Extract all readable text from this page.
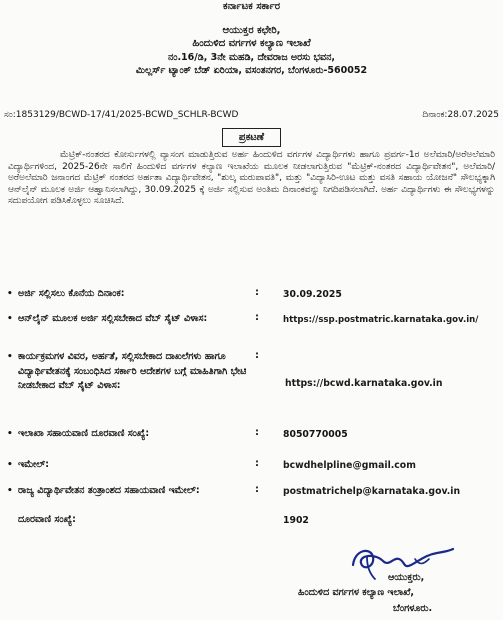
ಕರ್ನಾಟಕ ಸರ್ಕಾರ
ಆಯುಕ್ತರ ಕಛೇರಿ,
ಹಿಂದುಳಿದ ವರ್ಗಗಳ ಕಲ್ಯಾಣ ಇಲಾಖೆ
ನಂ.16/ಡಿ, 3ನೇ ಮಹಡಿ, ದೇವರಾಜ ಅರಸು ಭವನ,
ಮಿಲ್ಲರ್ಸ್ ಟ್ಯಾಂಕ್ ಬೆಡ್ ಏರಿಯಾ, ವಸಂತನಗರ, ಬೆಂಗಳೂರು-560052
ಸಂ:1853129/BCWD-17/41/2025-BCWD_SCHLR-BCWD	ದಿನಾಂಕ:28.07.2025
ಪ್ರಕಟಣೆ
ಮೆಟ್ರಿಕ್-ನಂತರದ ಕೋರ್ಸುಗಳಲ್ಲಿ ವ್ಯಾಸಂಗ ಮಾಡುತ್ತಿರುವ ಅರ್ಹ ಹಿಂದುಳಿದ ವರ್ಗಗಳ ವಿದ್ಯಾರ್ಥಿಗಳು ಹಾಗೂ ಪ್ರವರ್ಗ-1ರ ಅಲೆಮಾರಿ/ಅರೆಅಲೆಮಾರಿ ವಿದ್ಯಾರ್ಥಿಗಳಿಂದ, 2025-26ನೇ ಸಾಲಿಗೆ ಹಿಂದುಳಿದ ವರ್ಗಗಳ ಕಲ್ಯಾಣ ಇಲಾಖೆಯ ಮೂಲಕ ನೀಡಲಾಗುತ್ತಿರುವ "ಮೆಟ್ರಿಕ್-ನಂತರದ ವಿದ್ಯಾರ್ಥಿವೇತನ", ಅಲೆಮಾರಿ/ಅರೆಅಲೆಮಾರಿ ಜನಾಂಗದ ಮೆಟ್ರಿಕ್ ನಂತರದ ಅರ್ಹತಾ ವಿದ್ಯಾರ್ಥಿವೇತನ, "ಶುಲ್ಕ ಮರುಪಾವತಿ", ಮತ್ತು "ವಿದ್ಯಾಸಿರಿ-ಊಟ ಮತ್ತು ವಸತಿ ಸಹಾಯ ಯೋಜನೆ" ಸೌಲಭ್ಯಕ್ಕಾಗಿ ಆನ್‌ಲೈನ್ ಮೂಲಕ ಅರ್ಜಿ ಆಹ್ವಾನಿಸಲಾಗಿದ್ದು, 30.09.2025 ಕ್ಕೆ ಅರ್ಜಿ ಸಲ್ಲಿಸುವ ಅಂತಿಮ ದಿನಾಂಕವನ್ನು ನಿಗದಿಪಡಿಸಲಾಗಿದೆ. ಅರ್ಹ ವಿದ್ಯಾರ್ಥಿಗಳು ಈ ಸೌಲಭ್ಯಗಳನ್ನು ಸದುಪಯೋಗ ಪಡಿಸಿಕೊಳ್ಳಲು ಸೂಚಿಸಿದೆ.
• ಅರ್ಜಿ ಸಲ್ಲಿಸಲು ಕೊನೆಯ ದಿನಾಂಕ:	:	30.09.2025
• ಆನ್‌ಲೈನ್ ಮೂಲಕ ಅರ್ಜಿ ಸಲ್ಲಿಸಬೇಕಾದ ವೆಬ್ ಸೈಟ್ ವಿಳಾಸ:	:	https://ssp.postmatric.karnataka.gov.in/
• ಕಾರ್ಯಕ್ರಮಗಳ ವಿವರ, ಅರ್ಹತೆ, ಸಲ್ಲಿಸಬೇಕಾದ ದಾಖಲೆಗಳು ಹಾಗೂ ವಿದ್ಯಾರ್ಥಿವೇತನಕ್ಕೆ ಸಂಬಂಧಿಸಿದ ಸರ್ಕಾರಿ ಆದೇಶಗಳ ಬಗ್ಗೆ ಮಾಹಿತಿಗಾಗಿ ಭೇಟಿ ನೀಡಬೇಕಾದ ವೆಬ್ ಸೈಟ್ ವಿಳಾಸ:
:
https://bcwd.karnataka.gov.in
• ಇಲಾಖಾ ಸಹಾಯವಾಣಿ ದೂರವಾಣಿ ಸಂಖ್ಯೆ:	:	8050770005
• ಇಮೇಲ್:	:	bcwdhelpline@gmail.com
• ರಾಜ್ಯ ವಿದ್ಯಾರ್ಥಿವೇತನ ತಂತ್ರಾಂಶದ ಸಹಾಯವಾಣಿ ಇಮೇಲ್:	:	postmatrichelp@karnataka.gov.in
ದೂರವಾಣಿ ಸಂಖ್ಯೆ:	1902
ಆಯುಕ್ತರು,
ಹಿಂದುಳಿದ ವರ್ಗಗಳ ಕಲ್ಯಾಣ ಇಲಾಖೆ,
ಬೆಂಗಳೂರು.
